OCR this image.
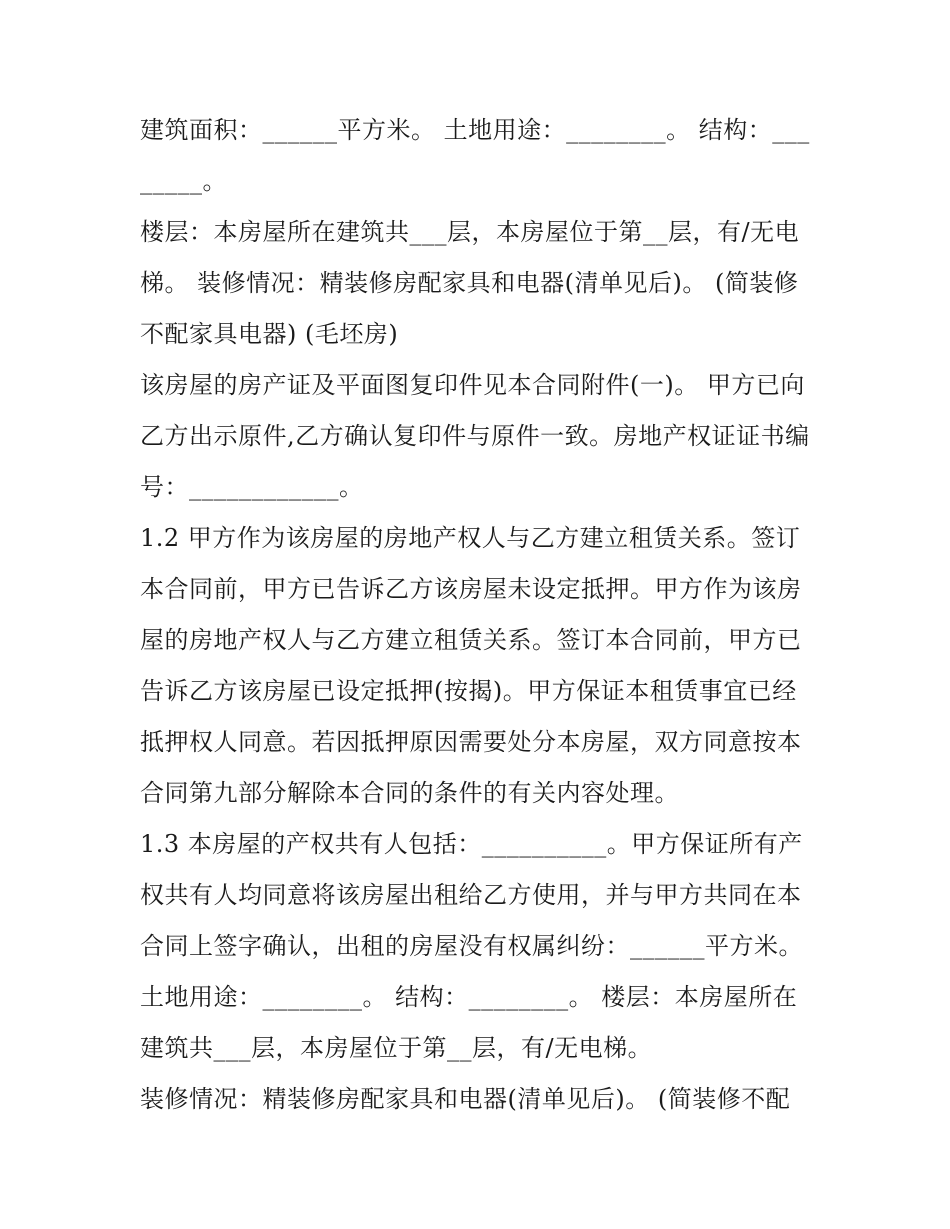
建筑面积：______平方米。 土地用途：________。 结构：________。

楼层：本房屋所在建筑共___层，本房屋位于第__层，有/无电梯。 装修情况：精装修房配家具和电器(清单见后)。 (简装修不配家具电器) (毛坯房)

该房屋的房产证及平面图复印件见本合同附件(一)。 甲方已向乙方出示原件,乙方确认复印件与原件一致。房地产权证证书编号：____________。

1.2 甲方作为该房屋的房地产权人与乙方建立租赁关系。签订本合同前，甲方已告诉乙方该房屋未设定抵押。甲方作为该房屋的房地产权人与乙方建立租赁关系。签订本合同前，甲方已告诉乙方该房屋已设定抵押(按揭)。甲方保证本租赁事宜已经抵押权人同意。若因抵押原因需要处分本房屋，双方同意按本合同第九部分解除本合同的条件的有关内容处理。

1.3 本房屋的产权共有人包括：__________。甲方保证所有产权共有人均同意将该房屋出租给乙方使用，并与甲方共同在本合同上签字确认，出租的房屋没有权属纠纷：______平方米。土地用途：________。 结构：________。 楼层：本房屋所在建筑共___层，本房屋位于第__层，有/无电梯。

装修情况：精装修房配家具和电器(清单见后)。 (简装修不配
